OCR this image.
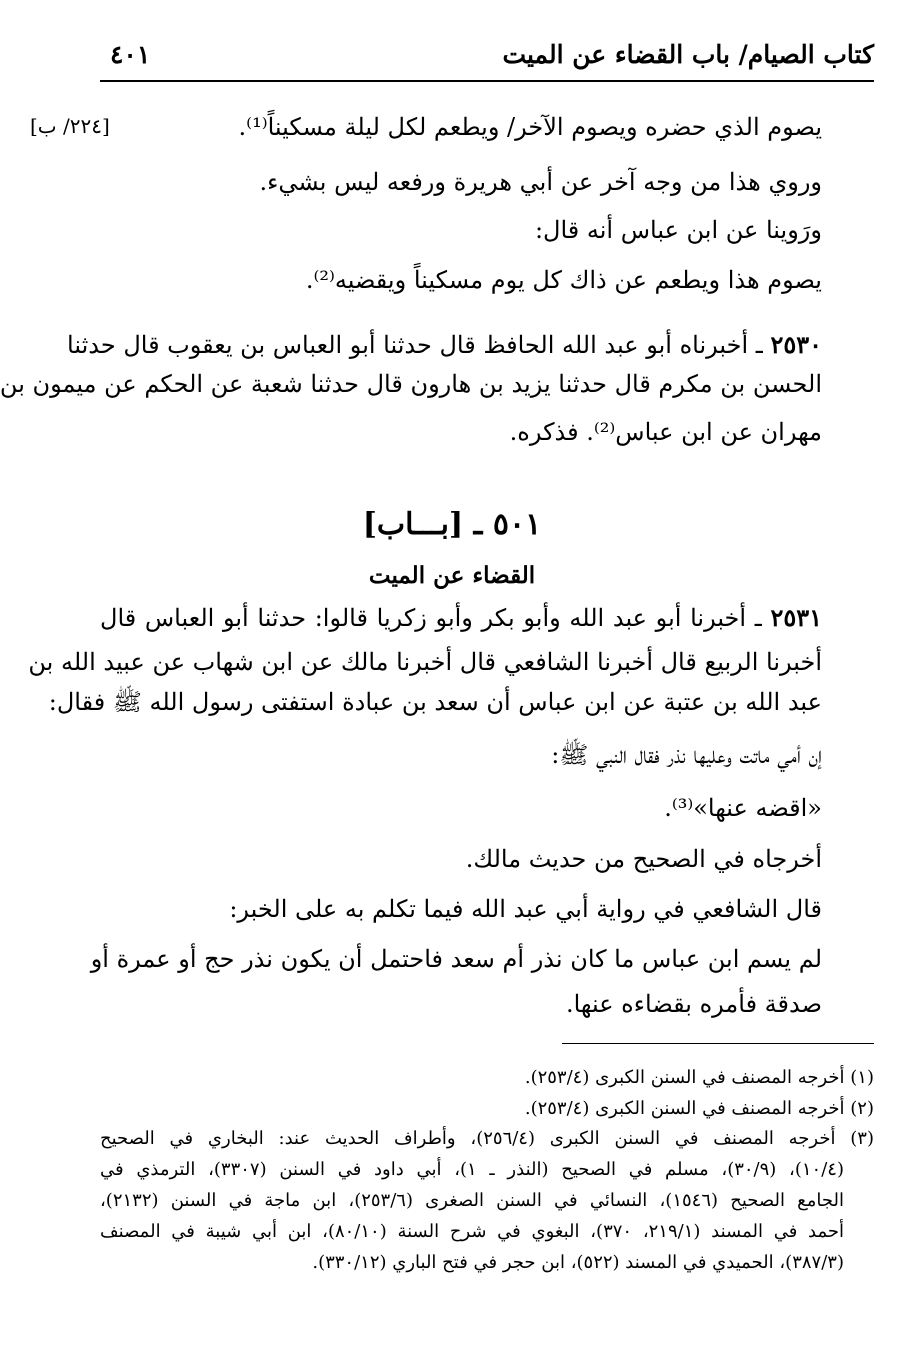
كتاب الصيام/ باب القضاء عن الميت
٤٠١
[٢٢٤/ ب]	يصوم الذي حضره ويصوم الآخر/ ويطعم لكل ليلة مسكيناً⁽¹⁾.
وروي هذا من وجه آخر عن أبي هريرة ورفعه ليس بشيء.
ورَوينا عن ابن عباس أنه قال:
يصوم هذا ويطعم عن ذاك كل يوم مسكيناً ويقضيه⁽²⁾.
٢٥٣٠ ـ أخبرناه أبو عبد الله الحافظ قال حدثنا أبو العباس بن يعقوب قال حدثنا
الحسن بن مكرم قال حدثنا يزيد بن هارون قال حدثنا شعبة عن الحكم عن ميمون بن
مهران عن ابن عباس⁽²⁾. فذكره.
٥٠١ ـ [بـــاب]
القضاء عن الميت
٢٥٣١ ـ أخبرنا أبو عبد الله وأبو بكر وأبو زكريا قالوا: حدثنا أبو العباس قال
أخبرنا الربيع قال أخبرنا الشافعي قال أخبرنا مالك عن ابن شهاب عن عبيد الله بن
عبد الله بن عتبة عن ابن عباس أن سعد بن عبادة استفتى رسول الله ﷺ فقال:
إن أمي ماتت وعليها نذر فقال النبي ﷺ:
«اقضه عنها»⁽³⁾.
أخرجاه في الصحيح من حديث مالك.
قال الشافعي في رواية أبي عبد الله فيما تكلم به على الخبر:
لم يسم ابن عباس ما كان نذر أم سعد فاحتمل أن يكون نذر حج أو عمرة أو
صدقة فأمره بقضاءه عنها.
(١) أخرجه المصنف في السنن الكبرى (٢٥٣/٤).
(٢) أخرجه المصنف في السنن الكبرى (٢٥٣/٤).
(٣) أخرجه المصنف في السنن الكبرى (٢٥٦/٤)، وأطراف الحديث عند: البخاري في الصحيح
(١٠/٤)، (٣٠/٩)، مسلم في الصحيح (النذر ـ ١)، أبي داود في السنن (٣٣٠٧)، الترمذي في
الجامع الصحيح (١٥٤٦)، النسائي في السنن الصغرى (٢٥٣/٦)، ابن ماجة في السنن (٢١٣٢)،
أحمد في المسند (٢١٩/١، ٣٧٠)، البغوي في شرح السنة (٨٠/١٠)، ابن أبي شيبة في المصنف
(٣٨٧/٣)، الحميدي في المسند (٥٢٢)، ابن حجر في فتح الباري (٣٣٠/١٢).
